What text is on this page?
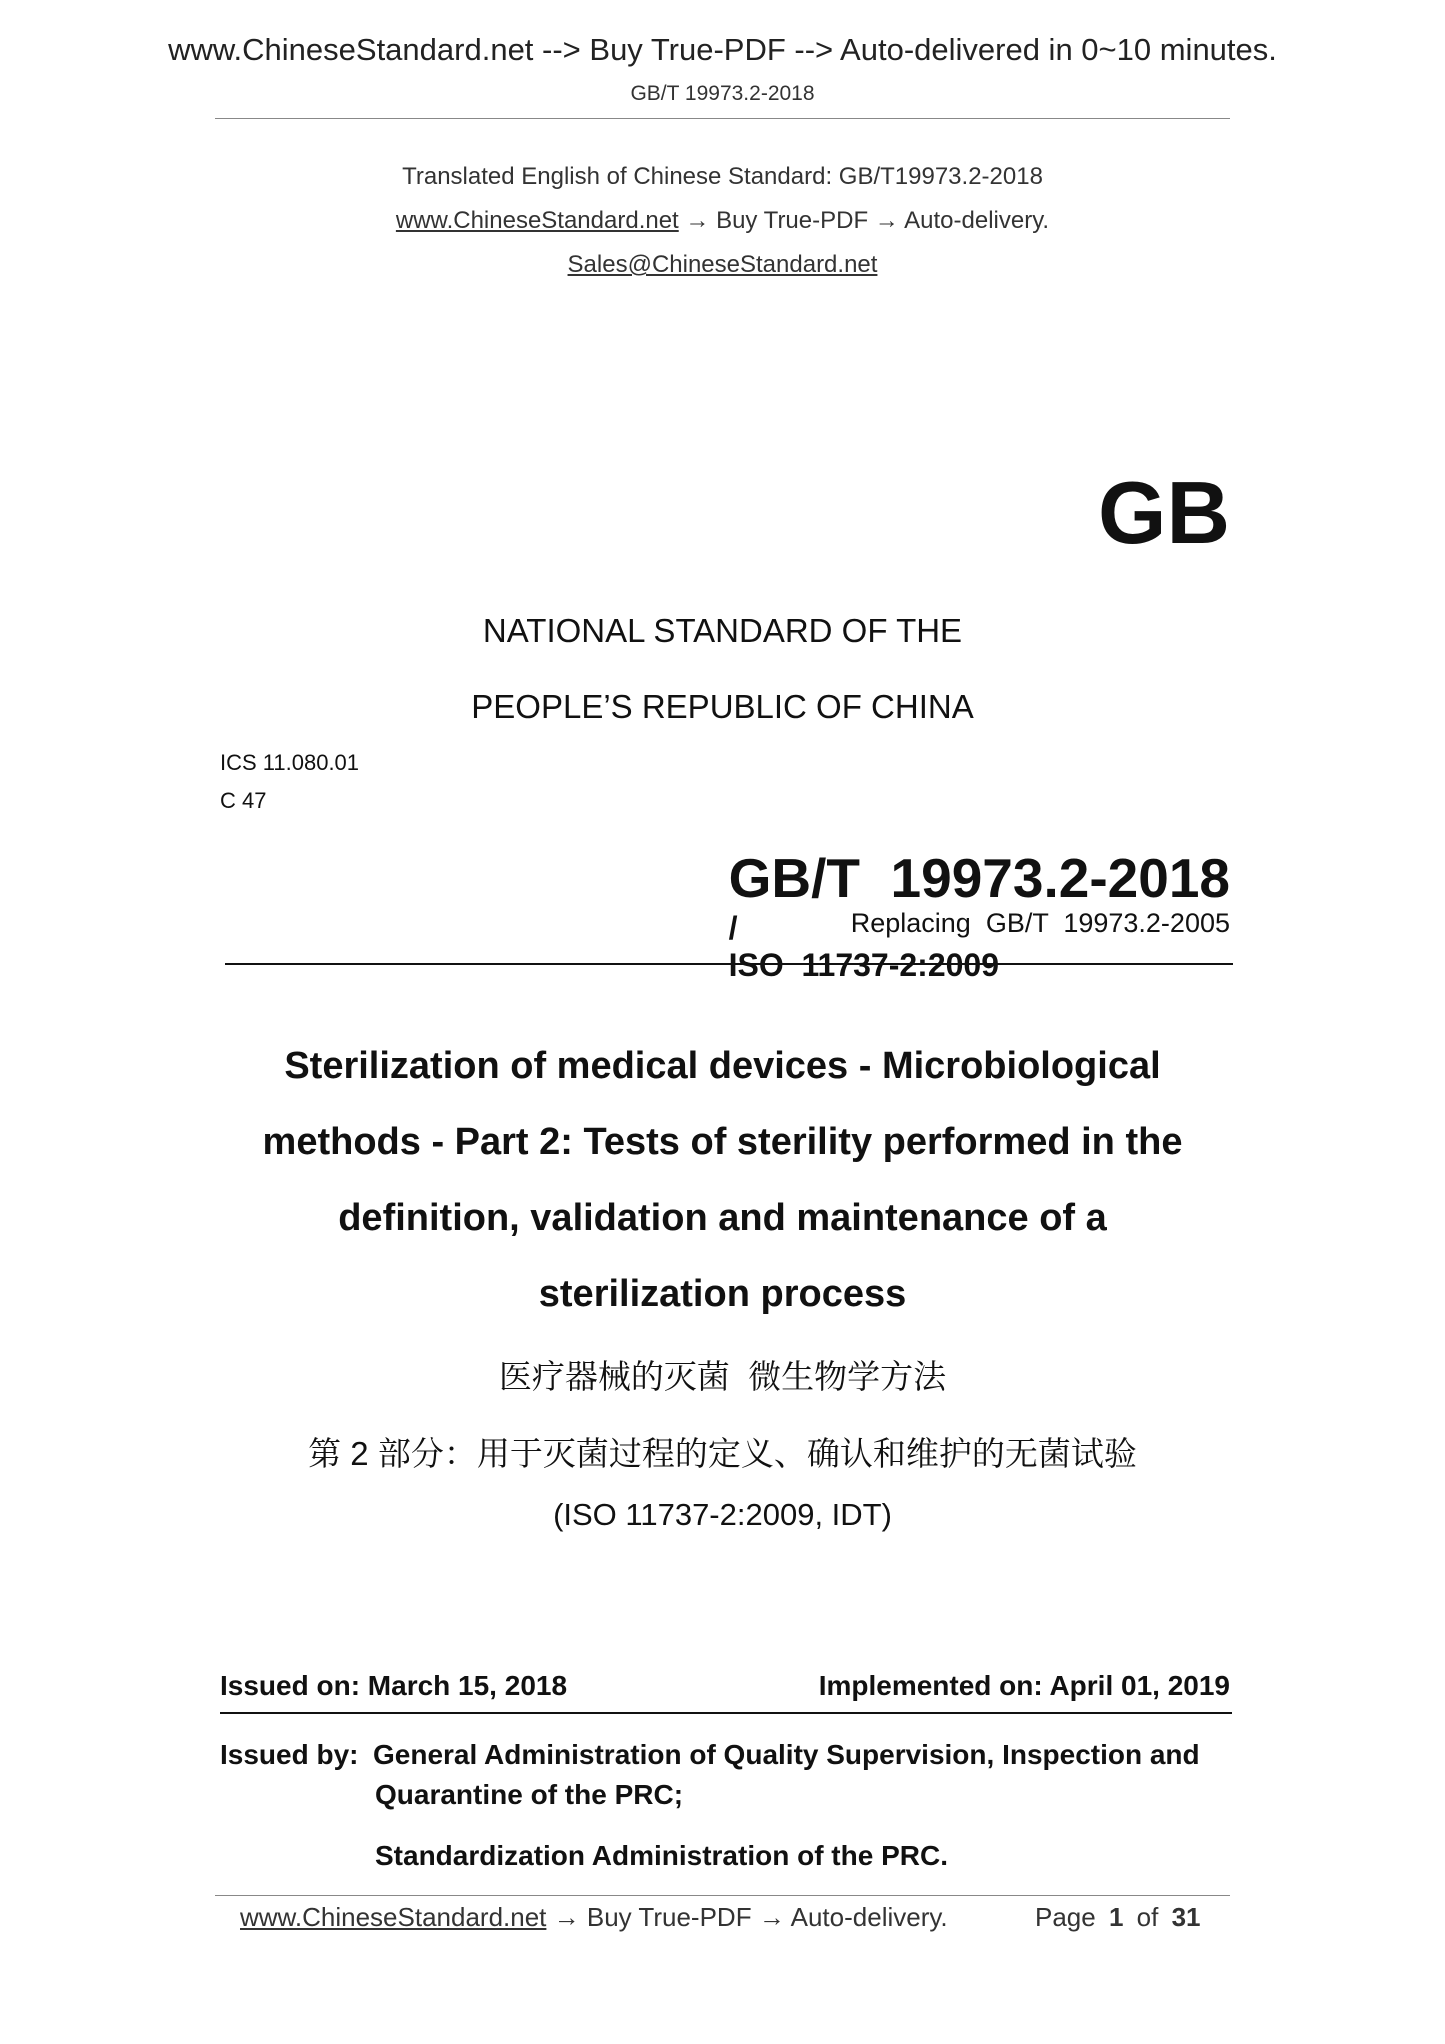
www.ChineseStandard.net --> Buy True-PDF --> Auto-delivered in 0~10 minutes.
GB/T 19973.2-2018
Translated English of Chinese Standard: GB/T19973.2-2018
www.ChineseStandard.net → Buy True-PDF → Auto-delivery.
Sales@ChineseStandard.net
GB
NATIONAL STANDARD OF THE
PEOPLE’S REPUBLIC OF CHINA
ICS 11.080.01
C 47

GB/T  19973.2-2018
/
ISO  11737-2:2009

Replacing  GB/T  19973.2-2005
Sterilization of medical devices - Microbiological
methods - Part 2: Tests of sterility performed in the
definition, validation and maintenance of a
sterilization process
医疗器械的灭菌  微生物学方法
第 2 部分：用于灭菌过程的定义、确认和维护的无菌试验
(ISO 11737-2:2009, IDT)
Issued on: March 15, 2018	Implemented on: April 01, 2019
Issued by: General Administration of Quality Supervision, Inspection and
Quarantine of the PRC;
Standardization Administration of the PRC.
www.ChineseStandard.net → Buy True-PDF → Auto-delivery.	Page 1 of 31
